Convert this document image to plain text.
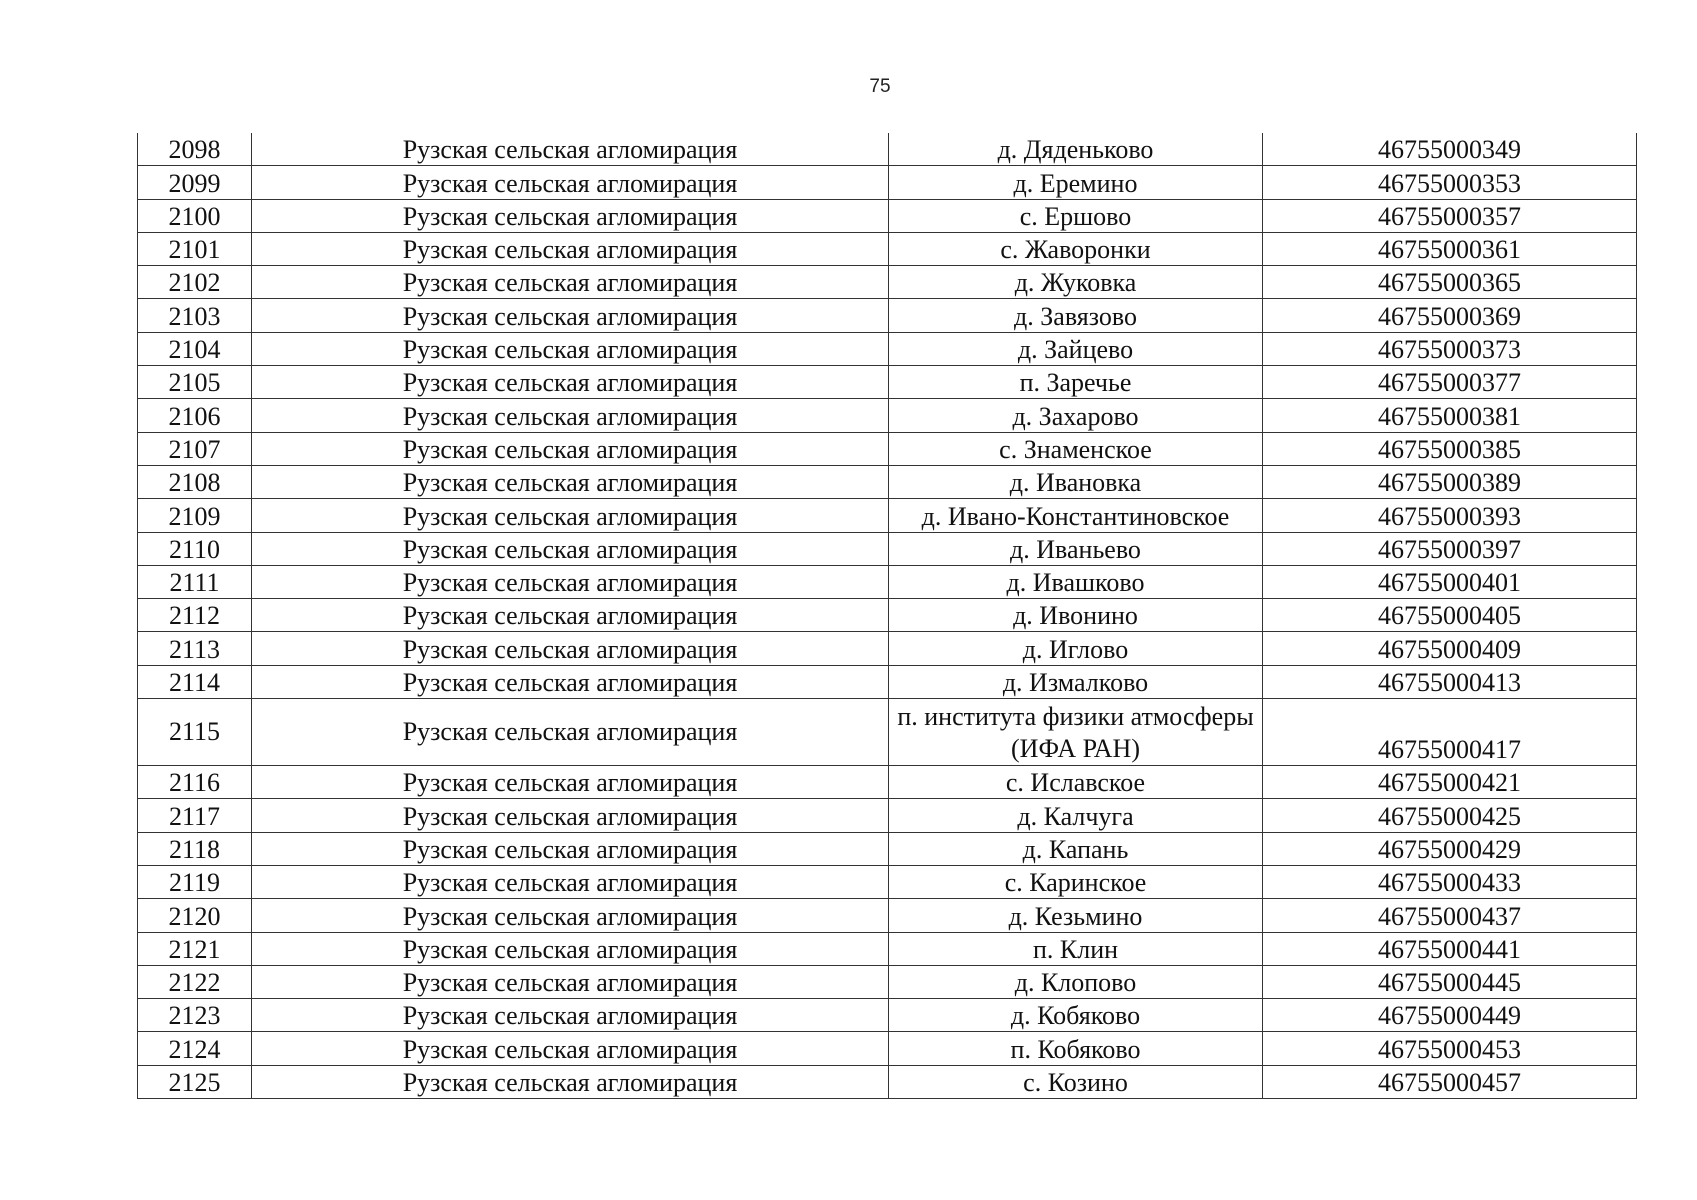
75
2098	Рузская сельская агломирация	д. Дяденьково	46755000349
2099	Рузская сельская агломирация	д. Еремино	46755000353
2100	Рузская сельская агломирация	с. Ершово	46755000357
2101	Рузская сельская агломирация	с. Жаворонки	46755000361
2102	Рузская сельская агломирация	д. Жуковка	46755000365
2103	Рузская сельская агломирация	д. Завязово	46755000369
2104	Рузская сельская агломирация	д. Зайцево	46755000373
2105	Рузская сельская агломирация	п. Заречье	46755000377
2106	Рузская сельская агломирация	д. Захарово	46755000381
2107	Рузская сельская агломирация	с. Знаменское	46755000385
2108	Рузская сельская агломирация	д. Ивановка	46755000389
2109	Рузская сельская агломирация	д. Ивано-Константиновское	46755000393
2110	Рузская сельская агломирация	д. Иваньево	46755000397
2111	Рузская сельская агломирация	д. Ивашково	46755000401
2112	Рузская сельская агломирация	д. Ивонино	46755000405
2113	Рузская сельская агломирация	д. Иглово	46755000409
2114	Рузская сельская агломирация	д. Измалково	46755000413
2115	Рузская сельская агломирация	п. института физики атмосферы (ИФА РАН)	46755000417
2116	Рузская сельская агломирация	с. Иславское	46755000421
2117	Рузская сельская агломирация	д. Калчуга	46755000425
2118	Рузская сельская агломирация	д. Капань	46755000429
2119	Рузская сельская агломирация	с. Каринское	46755000433
2120	Рузская сельская агломирация	д. Кезьмино	46755000437
2121	Рузская сельская агломирация	п. Клин	46755000441
2122	Рузская сельская агломирация	д. Клопово	46755000445
2123	Рузская сельская агломирация	д. Кобяково	46755000449
2124	Рузская сельская агломирация	п. Кобяково	46755000453
2125	Рузская сельская агломирация	с. Козино	46755000457
